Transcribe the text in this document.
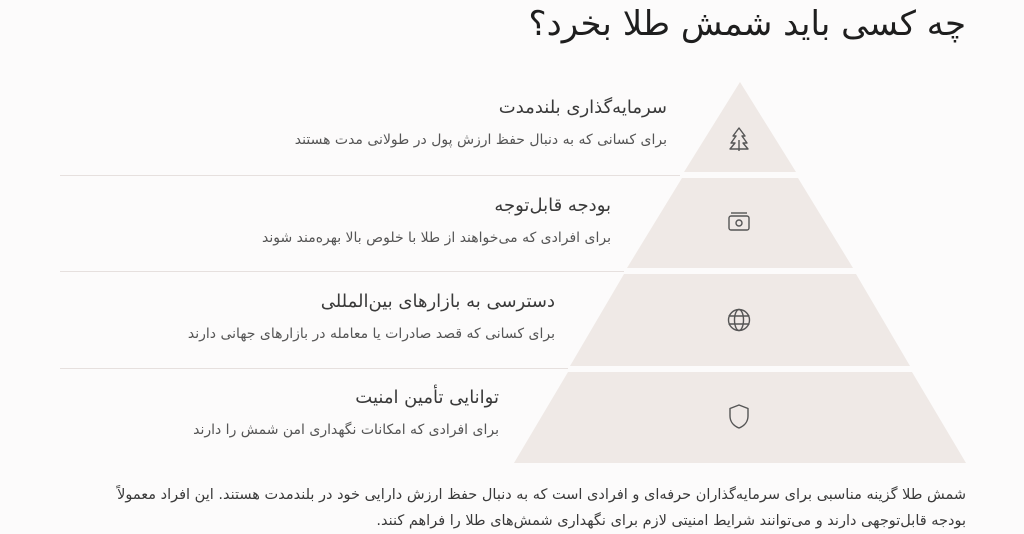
چه کسی باید شمش طلا بخرد؟
سرمایه‌گذاری بلندمدت
برای کسانی که به دنبال حفظ ارزش پول در طولانی مدت هستند
بودجه قابل‌توجه
برای افرادی که می‌خواهند از طلا با خلوص بالا بهره‌مند شوند
دسترسی به بازارهای بین‌المللی
برای کسانی که قصد صادرات یا معامله در بازارهای جهانی دارند
توانایی تأمین امنیت
برای افرادی که امکانات نگهداری امن شمش را دارند
شمش طلا گزینه مناسبی برای سرمایه‌گذاران حرفه‌ای و افرادی است که به دنبال حفظ ارزش دارایی خود در بلندمدت هستند. این افراد معمولاً
بودجه قابل‌توجهی دارند و می‌توانند شرایط امنیتی لازم برای نگهداری شمش‌های طلا را فراهم کنند.
